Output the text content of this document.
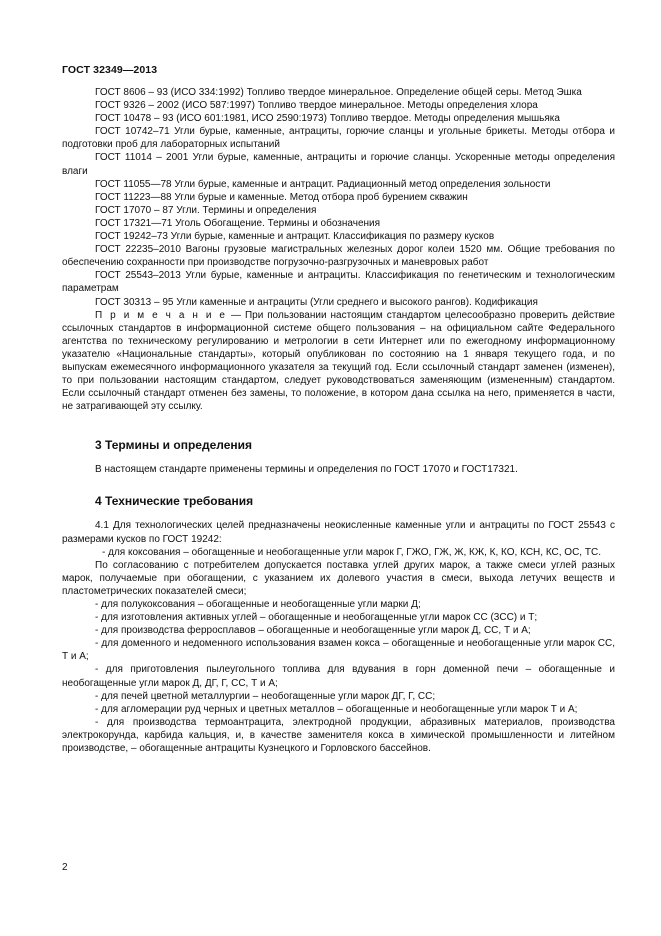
ГОСТ 32349—2013

ГОСТ 8606 – 93 (ИСО 334:1992) Топливо твердое минеральное. Определение общей серы. Метод Эшка

ГОСТ 9326 – 2002 (ИСО 587:1997) Топливо твердое минеральное. Методы определения хлора

ГОСТ 10478 – 93 (ИСО 601:1981, ИСО 2590:1973) Топливо твердое. Методы определения мышьяка

ГОСТ 10742–71 Угли бурые, каменные, антрациты, горючие сланцы и угольные брикеты. Методы отбора и подготовки проб для лабораторных испытаний

ГОСТ 11014 – 2001 Угли бурые, каменные, антрациты и горючие сланцы. Ускоренные методы определения влаги

ГОСТ 11055—78 Угли бурые, каменные и антрацит. Радиационный метод определения зольности

ГОСТ 11223—88 Угли бурые и каменные. Метод отбора проб бурением скважин

ГОСТ 17070 – 87 Угли. Термины и определения

ГОСТ 17321—71 Уголь Обогащение. Термины и обозначения

ГОСТ 19242–73 Угли бурые, каменные и антрацит. Классификация по размеру кусков

ГОСТ 22235–2010 Вагоны грузовые магистральных железных дорог колеи 1520 мм. Общие требования по обеспечению сохранности при производстве погрузочно-разгрузочных и маневровых работ

ГОСТ 25543–2013 Угли бурые, каменные и антрациты. Классификация по генетическим и технологическим параметрам

ГОСТ 30313 – 95 Угли каменные и антрациты (Угли среднего и высокого рангов). Кодификация

П р и м е ч а н и е — При пользовании настоящим стандартом целесообразно проверить действие ссылочных стандартов в информационной системе общего пользования – на официальном сайте Федерального агентства по техническому регулированию и метрологии в сети Интернет или по ежегодному информационному указателю «Национальные стандарты», который опубликован по состоянию на 1 января текущего года, и по выпускам ежемесячного информационного указателя за текущий год. Если ссылочный стандарт заменен (изменен), то при пользовании настоящим стандартом, следует руководствоваться заменяющим (измененным) стандартом. Если ссылочный стандарт отменен без замены, то положение, в котором дана ссылка на него, применяется в части, не затрагивающей эту ссылку.

3 Термины и определения

В настоящем стандарте применены термины и определения по ГОСТ 17070 и ГОСТ17321.

4 Технические требования

4.1 Для технологических целей предназначены неокисленные каменные угли и антрациты по ГОСТ 25543 с размерами кусков по ГОСТ 19242:

- для коксования – обогащенные и необогащенные угли марок Г, ГЖО, ГЖ, Ж, КЖ, К, КО, КСН, КС, ОС, ТС.

По согласованию с потребителем допускается поставка углей других марок, а также смеси углей разных марок, получаемые при обогащении, с указанием их долевого участия в смеси, выхода летучих веществ и пластометрических показателей смеси;

- для полукоксования – обогащенные и необогащенные угли марки Д;

- для изготовления активных углей – обогащенные и необогащенные угли марок СС (3СС) и Т;

- для производства ферросплавов – обогащенные и необогащенные угли марок Д, СС, Т и А;

- для доменного и недоменного использования взамен кокса – обогащенные и необогащенные угли марок СС, Т и А;

- для приготовления пылеугольного топлива для вдувания в горн доменной печи – обогащенные и необогащенные угли марок Д, ДГ, Г, СС, Т и А;

- для печей цветной металлургии – необогащенные угли марок ДГ, Г, СС;

- для агломерации руд черных и цветных металлов – обогащенные и необогащенные угли марок Т и А;

- для производства термоантрацита, электродной продукции, абразивных материалов, производства электрокорунда, карбида кальция, и, в качестве заменителя кокса в химической промышленности и литейном производстве, – обогащенные антрациты Кузнецкого и Горловского бассейнов.

2
